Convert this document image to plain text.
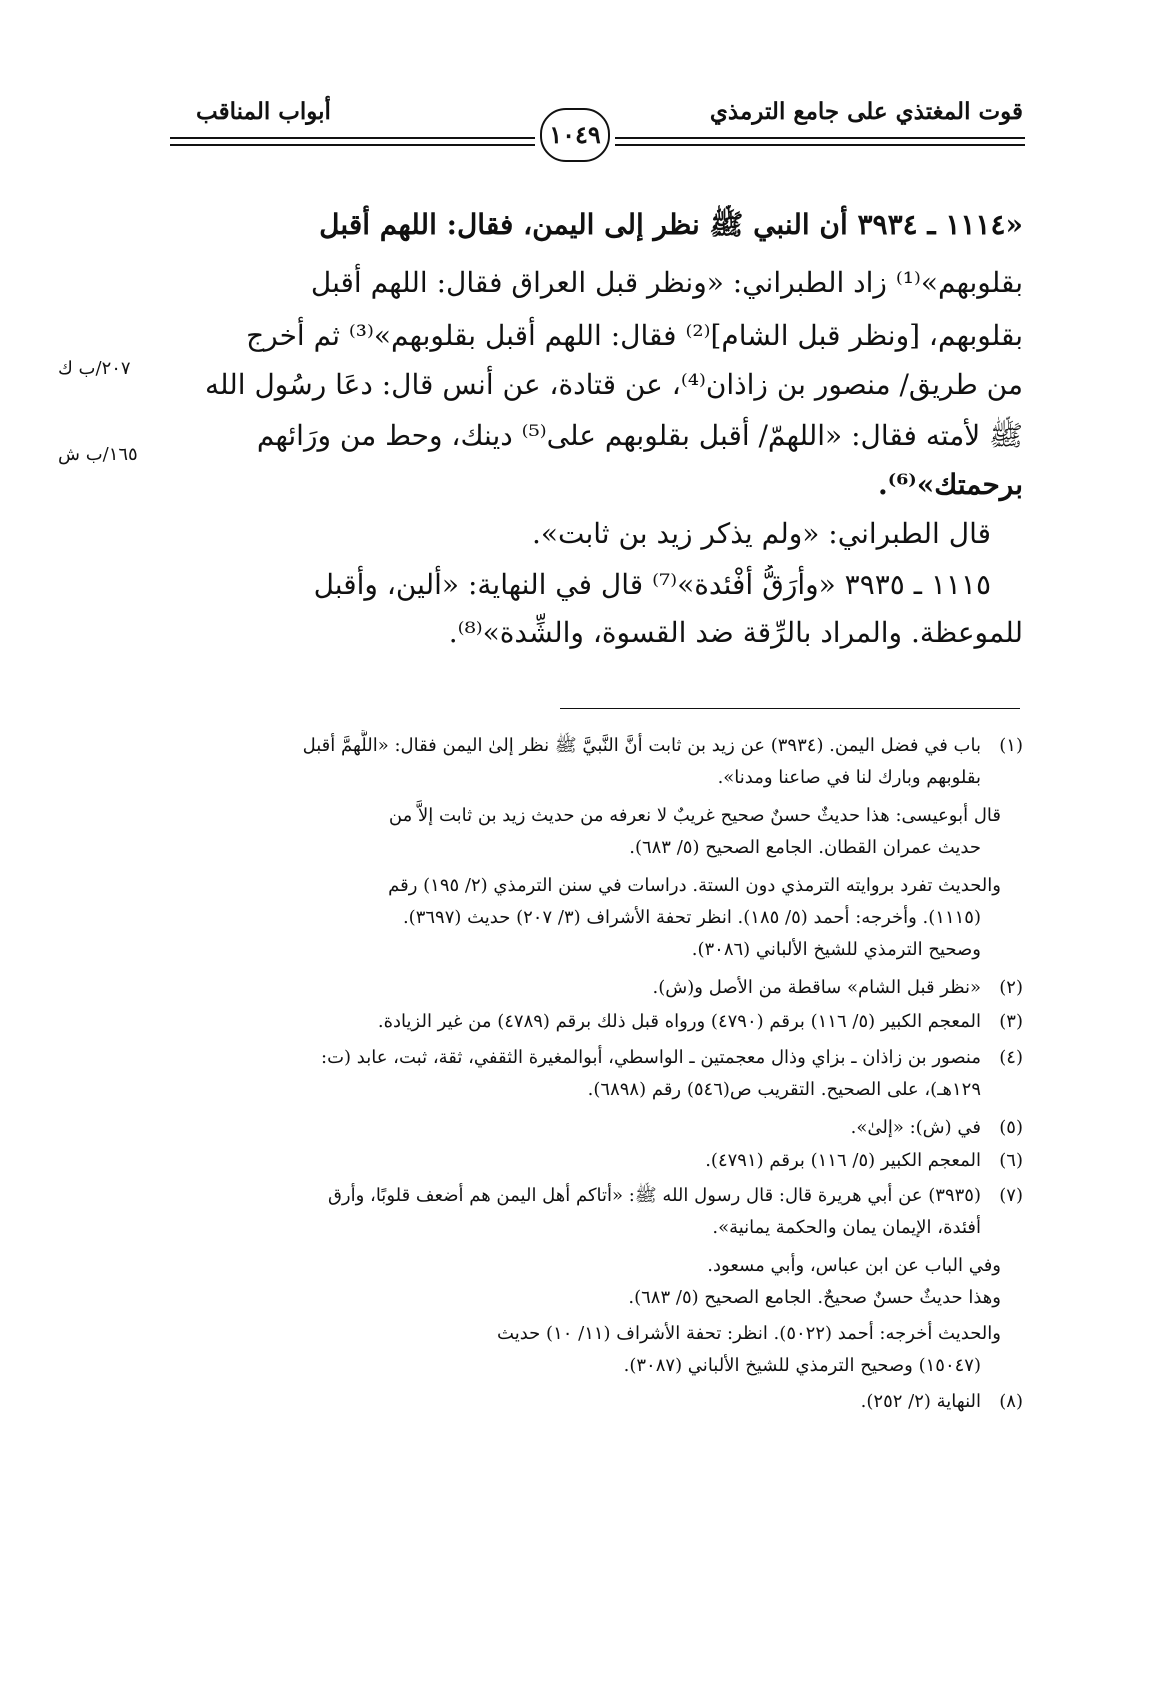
قوت المغتذي على جامع الترمذي
أبواب المناقب
١٠٤٩
٢٠٧/ب ك
١٦٥/ب ش
«١١١٤ ـ ٣٩٣٤ أن النبي ﷺ نظر إلى اليمن، فقال: اللهم أقبل
بقلوبهم»⁽¹⁾ زاد الطبراني: «ونظر قبل العراق فقال: اللهم أقبل
بقلوبهم، [ونظر قبل الشام]⁽²⁾ فقال: اللهم أقبل بقلوبهم»⁽³⁾ ثم أخرج
من طريق/ منصور بن زاذان⁽⁴⁾، عن قتادة، عن أنس قال: دعَا رسُول الله
ﷺ لأمته فقال: «اللهمّ/ أقبل بقلوبهم على⁽⁵⁾ دينك، وحط من ورَائهم
برحمتك»⁽⁶⁾.
قال الطبراني: «ولم يذكر زيد بن ثابت».
١١١٥ ـ ٣٩٣٥ «وأرَقُّ أفْئدة»⁽⁷⁾ قال في النهاية: «ألين، وأقبل
للموعظة. والمراد بالرِّقة ضد القسوة، والشِّدة»⁽⁸⁾.
(١)باب في فضل اليمن. (٣٩٣٤) عن زيد بن ثابت أنَّ النَّبيَّ ﷺ نظر إلىٰ اليمن فقال: «اللَّهمَّ أقبل
بقلوبهم وبارك لنا في صاعنا ومدنا».
قال أبوعيسى: هذا حديثٌ حسنٌ صحيح غريبٌ لا نعرفه من حديث زيد بن ثابت إلاَّ من
حديث عمران القطان. الجامع الصحيح (٥/ ٦٨٣).
والحديث تفرد بروايته الترمذي دون الستة. دراسات في سنن الترمذي (٢/ ١٩٥) رقم
(١١١٥). وأخرجه: أحمد (٥/ ١٨٥). انظر تحفة الأشراف (٣/ ٢٠٧) حديث (٣٦٩٧).
وصحيح الترمذي للشيخ الألباني (٣٠٨٦).
(٢)«نظر قبل الشام» ساقطة من الأصل و(ش).
(٣)المعجم الكبير (٥/ ١١٦) برقم (٤٧٩٠) ورواه قبل ذلك برقم (٤٧٨٩) من غير الزيادة.
(٤)منصور بن زاذان ـ بزاي وذال معجمتين ـ الواسطي، أبوالمغيرة الثقفي، ثقة، ثبت، عابد (ت:
١٢٩هـ)، على الصحيح. التقريب ص(٥٤٦) رقم (٦٨٩٨).
(٥)في (ش): «إلىٰ».
(٦)المعجم الكبير (٥/ ١١٦) برقم (٤٧٩١).
(٧)(٣٩٣٥) عن أبي هريرة قال: قال رسول الله ﷺ: «أتاكم أهل اليمن هم أضعف قلوبًا، وأرق
أفئدة، الإيمان يمان والحكمة يمانية».
وفي الباب عن ابن عباس، وأبي مسعود.
وهذا حديثٌ حسنٌ صحيحٌ. الجامع الصحيح (٥/ ٦٨٣).
والحديث أخرجه: أحمد (٥٠٢٢). انظر: تحفة الأشراف (١١/ ١٠) حديث
(١٥٠٤٧) وصحيح الترمذي للشيخ الألباني (٣٠٨٧).
(٨)النهاية (٢/ ٢٥٢).
